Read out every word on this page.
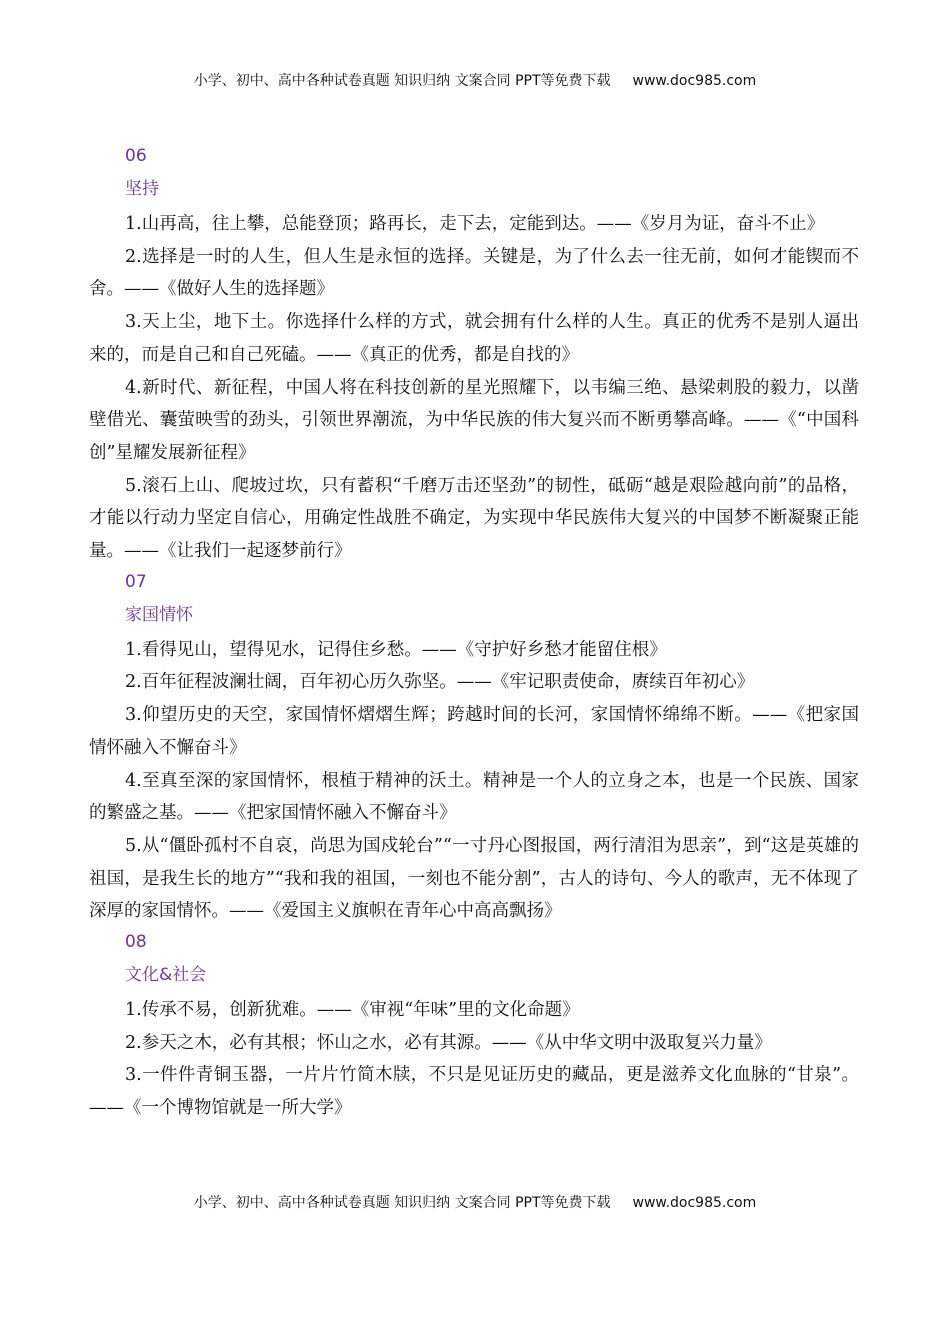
小学、初中、高中各种试卷真题 知识归纳 文案合同 PPT等免费下载 www.doc985.com
06
坚持

1.山再高，往上攀，总能登顶；路再长，走下去，定能到达。——《岁月为证，奋斗不止》

2.选择是一时的人生，但人生是永恒的选择。关键是，为了什么去一往无前，如何才能锲而不舍。——《做好人生的选择题》

3.天上尘，地下土。你选择什么样的方式，就会拥有什么样的人生。真正的优秀不是别人逼出来的，而是自己和自己死磕。——《真正的优秀，都是自找的》

4.新时代、新征程，中国人将在科技创新的星光照耀下，以韦编三绝、悬梁刺股的毅力，以凿壁借光、囊萤映雪的劲头，引领世界潮流，为中华民族的伟大复兴而不断勇攀高峰。——《“中国科创”星耀发展新征程》

5.滚石上山、爬坡过坎，只有蓄积“千磨万击还坚劲”的韧性，砥砺“越是艰险越向前”的品格，才能以行动力坚定自信心，用确定性战胜不确定，为实现中华民族伟大复兴的中国梦不断凝聚正能量。——《让我们一起逐梦前行》

07
家国情怀

1.看得见山，望得见水，记得住乡愁。——《守护好乡愁才能留住根》

2.百年征程波澜壮阔，百年初心历久弥坚。——《牢记职责使命，赓续百年初心》

3.仰望历史的天空，家国情怀熠熠生辉；跨越时间的长河，家国情怀绵绵不断。——《把家国情怀融入不懈奋斗》

4.至真至深的家国情怀，根植于精神的沃土。精神是一个人的立身之本，也是一个民族、国家的繁盛之基。——《把家国情怀融入不懈奋斗》

5.从“僵卧孤村不自哀，尚思为国戍轮台”“一寸丹心图报国，两行清泪为思亲”，到“这是英雄的祖国，是我生长的地方”“我和我的祖国，一刻也不能分割”，古人的诗句、今人的歌声，无不体现了深厚的家国情怀。——《爱国主义旗帜在青年心中高高飘扬》

08
文化&社会

1.传承不易，创新犹难。——《审视“年味”里的文化命题》

2.参天之木，必有其根；怀山之水，必有其源。——《从中华文明中汲取复兴力量》

3.一件件青铜玉器，一片片竹简木牍，不只是见证历史的藏品，更是滋养文化血脉的“甘泉”。——《一个博物馆就是一所大学》

小学、初中、高中各种试卷真题 知识归纳 文案合同 PPT等免费下载 www.doc985.com
